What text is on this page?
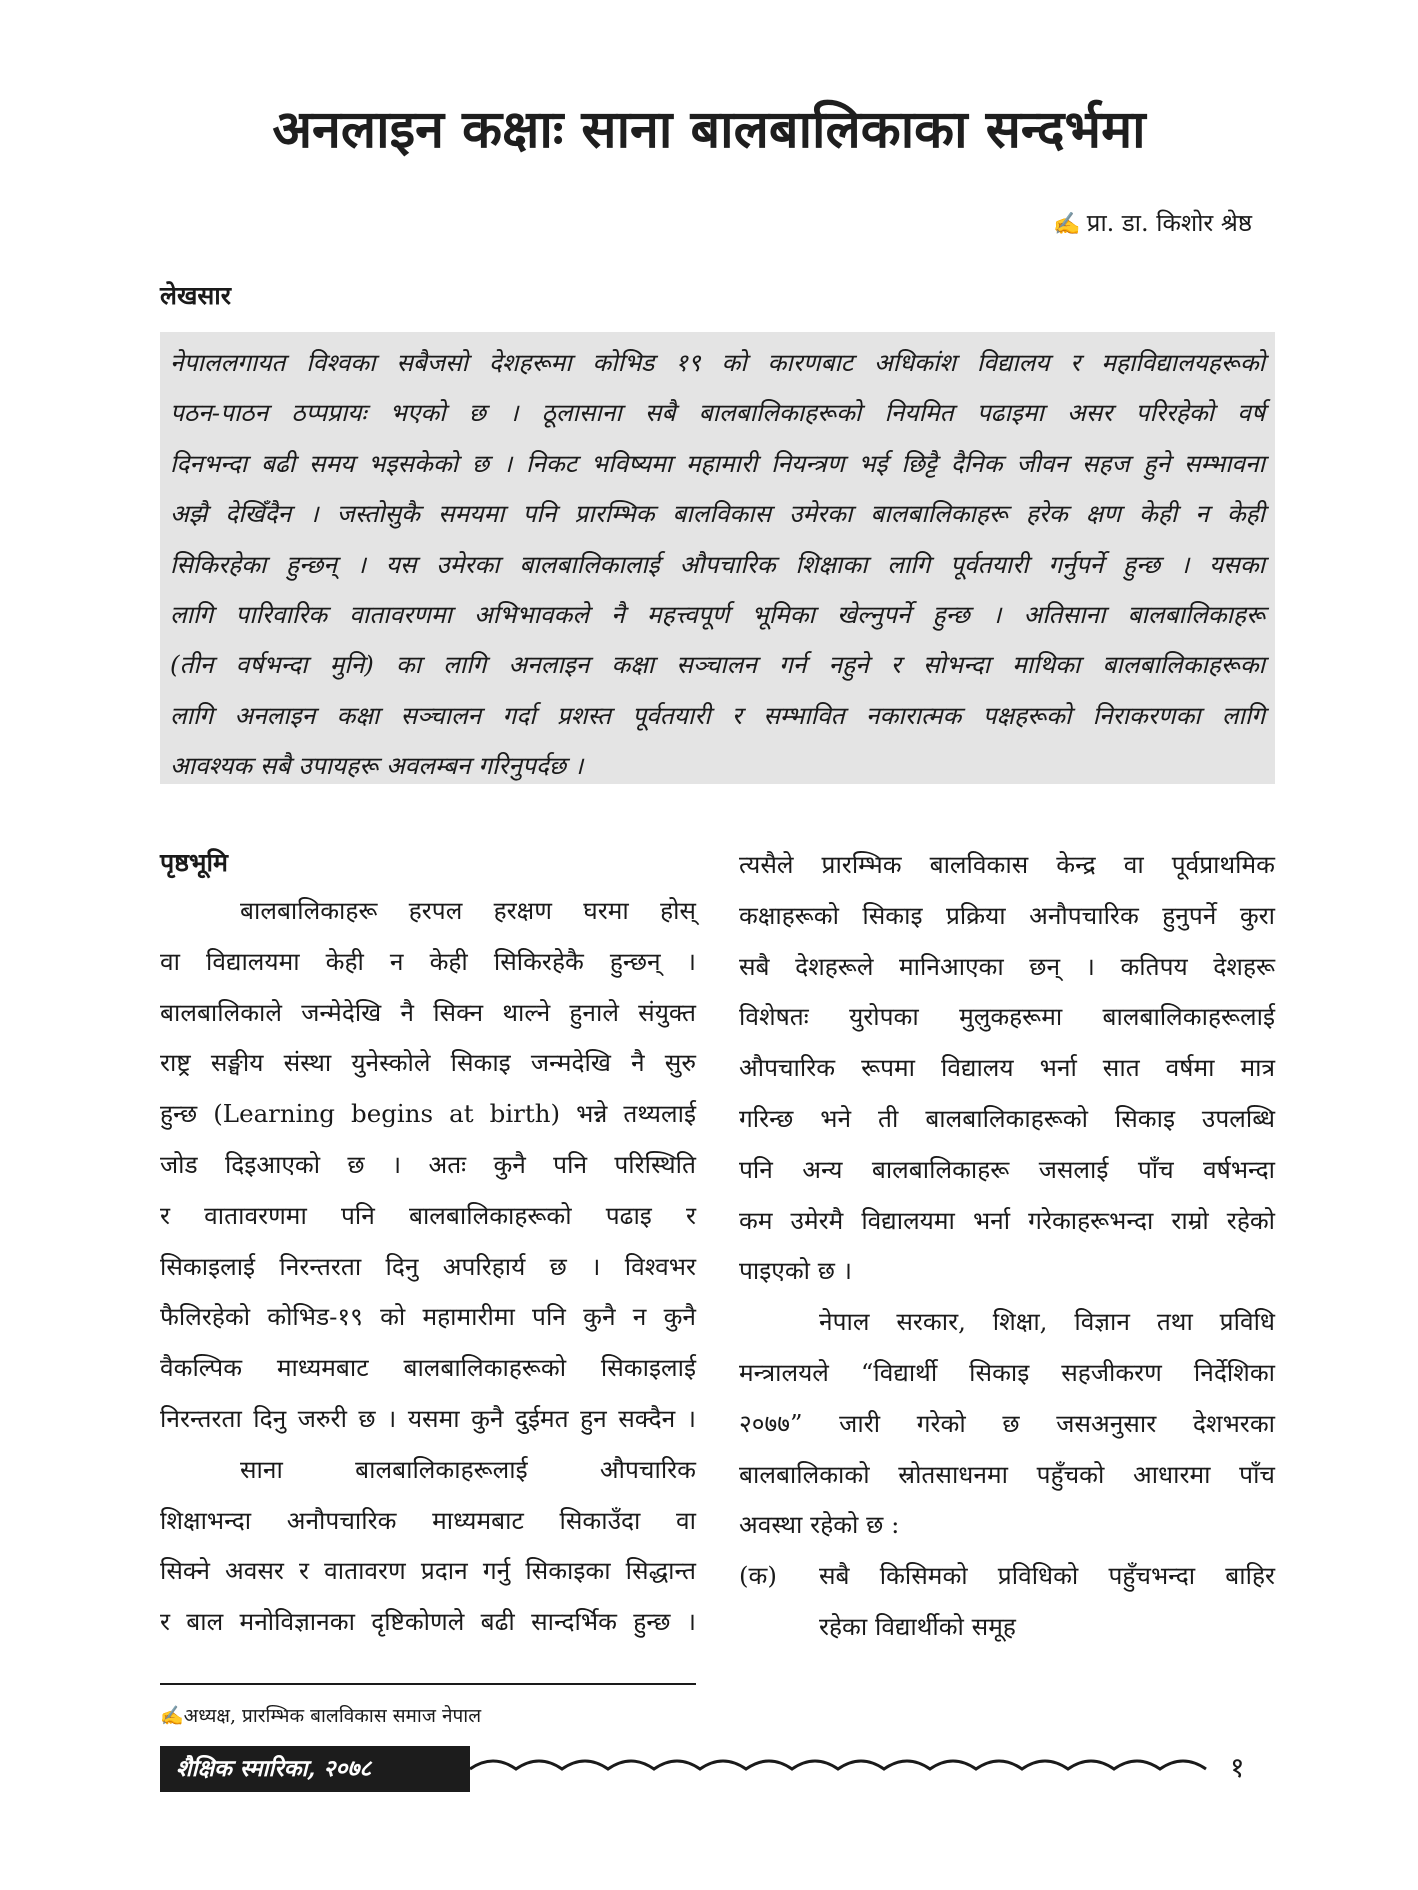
अनलाइन कक्षाः साना बालबालिकाका सन्दर्भमा
✍ प्रा. डा. किशोर श्रेष्ठ
लेखसार
नेपाललगायत विश्वका सबैजसो देशहरूमा कोभिड १९ को कारणबाट अधिकांश विद्यालय र महाविद्यालयहरूको
पठन-पाठन ठप्पप्रायः भएको छ । ठूलासाना सबै बालबालिकाहरूको नियमित पढाइमा असर परिरहेको वर्ष
दिनभन्दा बढी समय भइसकेको छ । निकट भविष्यमा महामारी नियन्त्रण भई छिट्टै दैनिक जीवन सहज हुने सम्भावना
अझै देखिँदैन । जस्तोसुकै समयमा पनि प्रारम्भिक बालविकास उमेरका बालबालिकाहरू हरेक क्षण केही न केही
सिकिरहेका हुन्छन् । यस उमेरका बालबालिकालाई औपचारिक शिक्षाका लागि पूर्वतयारी गर्नुपर्ने हुन्छ । यसका
लागि पारिवारिक वातावरणमा अभिभावकले नै महत्त्वपूर्ण भूमिका खेल्नुपर्ने हुन्छ । अतिसाना बालबालिकाहरू
(तीन वर्षभन्दा मुनि) का लागि अनलाइन कक्षा सञ्चालन गर्न नहुने र सोभन्दा माथिका बालबालिकाहरूका
लागि अनलाइन कक्षा सञ्चालन गर्दा प्रशस्त पूर्वतयारी र सम्भावित नकारात्मक पक्षहरूको निराकरणका लागि
आवश्यक सबै उपायहरू अवलम्बन गरिनुपर्दछ ।
पृष्ठभूमि
बालबालिकाहरू हरपल हरक्षण घरमा होस्
वा विद्यालयमा केही न केही सिकिरहेकै हुन्छन् ।
बालबालिकाले जन्मेदेखि नै सिक्न थाल्ने हुनाले संयुक्त
राष्ट्र सङ्घीय संस्था युनेस्कोले सिकाइ जन्मदेखि नै सुरु
हुन्छ (Learning begins at birth) भन्ने तथ्यलाई
जोड दिइआएको छ । अतः कुनै पनि परिस्थिति
र वातावरणमा पनि बालबालिकाहरूको पढाइ र
सिकाइलाई निरन्तरता दिनु अपरिहार्य छ । विश्वभर
फैलिरहेको कोभिड-१९ को महामारीमा पनि कुनै न कुनै
वैकल्पिक माध्यमबाट बालबालिकाहरूको सिकाइलाई
निरन्तरता दिनु जरुरी छ । यसमा कुनै दुईमत हुन सक्दैन ।
साना बालबालिकाहरूलाई औपचारिक
शिक्षाभन्दा अनौपचारिक माध्यमबाट सिकाउँदा वा
सिक्ने अवसर र वातावरण प्रदान गर्नु सिकाइका सिद्धान्त
र बाल मनोविज्ञानका दृष्टिकोणले बढी सान्दर्भिक हुन्छ ।
त्यसैले प्रारम्भिक बालविकास केन्द्र वा पूर्वप्राथमिक
कक्षाहरूको सिकाइ प्रक्रिया अनौपचारिक हुनुपर्ने कुरा
सबै देशहरूले मानिआएका छन् । कतिपय देशहरू
विशेषतः युरोपका मुलुकहरूमा बालबालिकाहरूलाई
औपचारिक रूपमा विद्यालय भर्ना सात वर्षमा मात्र
गरिन्छ भने ती बालबालिकाहरूको सिकाइ उपलब्धि
पनि अन्य बालबालिकाहरू जसलाई पाँच वर्षभन्दा
कम उमेरमै विद्यालयमा भर्ना गरेकाहरूभन्दा राम्रो रहेको
पाइएको छ ।
नेपाल सरकार, शिक्षा, विज्ञान तथा प्रविधि
मन्त्रालयले “विद्यार्थी सिकाइ सहजीकरण निर्देशिका
२०७७” जारी गरेको छ जसअनुसार देशभरका
बालबालिकाको स्रोतसाधनमा पहुँचको आधारमा पाँच
अवस्था रहेको छ :
(क) सबै किसिमको प्रविधिको पहुँचभन्दा बाहिर
रहेका विद्यार्थीको समूह
✍अध्यक्ष, प्रारम्भिक बालविकास समाज नेपाल
शैक्षिक स्मारिका, २०७८	१
